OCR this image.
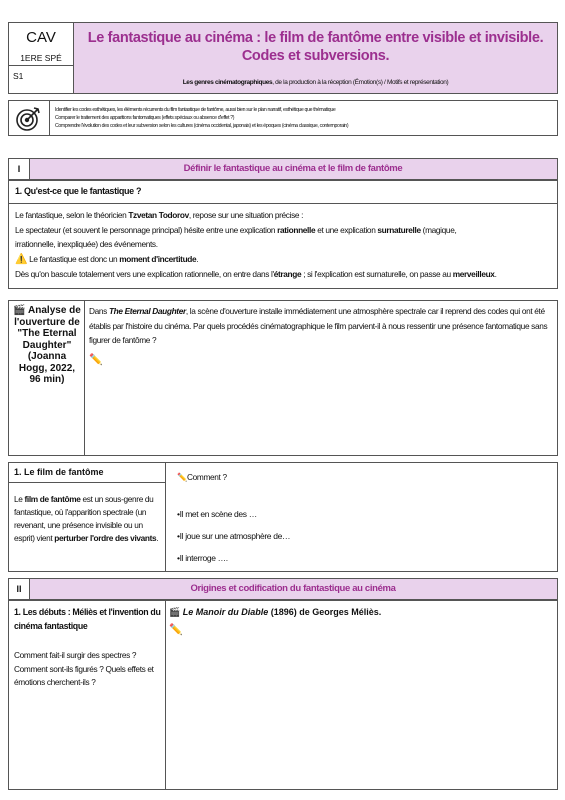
CAV
1ERE SPÉ
S1
Le fantastique au cinéma : le film de fantôme entre visible et invisible.
Codes et subversions.
Les genres cinématographiques, de la production à la réception (Émotion(s) / Motifs et représentation)
Identifier les codes esthétiques, les éléments récurrents du film fantastique de fantôme, aussi bien sur le plan narratif, esthétique que thématique
Comparer le traitement des apparitions fantomatiques (effets spéciaux ou absence d'effet ?)
Comprendre l'évolution des codes et leur subversion selon les cultures (cinéma occidental, japonais) et les époques (cinéma classique, contemporain)
I	Définir le fantastique au cinéma et le film de fantôme
1. Qu'est-ce que le fantastique ?
Le fantastique, selon le théoricien Tzvetan Todorov, repose sur une situation précise :
Le spectateur (et souvent le personnage principal) hésite entre une explication rationnelle et une explication surnaturelle (magique,
irrationnelle, inexpliquée) des événements.
⚠️ Le fantastique est donc un moment d'incertitude.
Dès qu'on bascule totalement vers une explication rationnelle, on entre dans l'étrange ; si l'explication est surnaturelle, on passe au merveilleux.
🎬 Analyse de l'ouverture de "The Eternal Daughter" (Joanna Hogg, 2022, 96 min)
Dans The Eternal Daughter, la scène d'ouverture installe immédiatement une atmosphère spectrale car il reprend des codes qui ont été établis par l'histoire du cinéma. Par quels procédés cinématographique le film parvient-il à nous ressentir une présence fantomatique sans figurer de fantôme ?
✏️
1. Le film de fantôme
Le film de fantôme est un sous-genre du fantastique, où l'apparition spectrale (un revenant, une présence invisible ou un esprit) vient perturber l'ordre des vivants.
✏️Comment ?
•Il met en scène des …
•Il joue sur une atmosphère de…
•Il interroge ….
II	Origines et codification du fantastique au cinéma
1. Les débuts : Méliès et l'invention du cinéma fantastique
Comment fait-il surgir des spectres ? Comment sont-ils figurés ? Quels effets et émotions cherchent-ils ?
🎬 Le Manoir du Diable (1896) de Georges Méliès.
✏️
